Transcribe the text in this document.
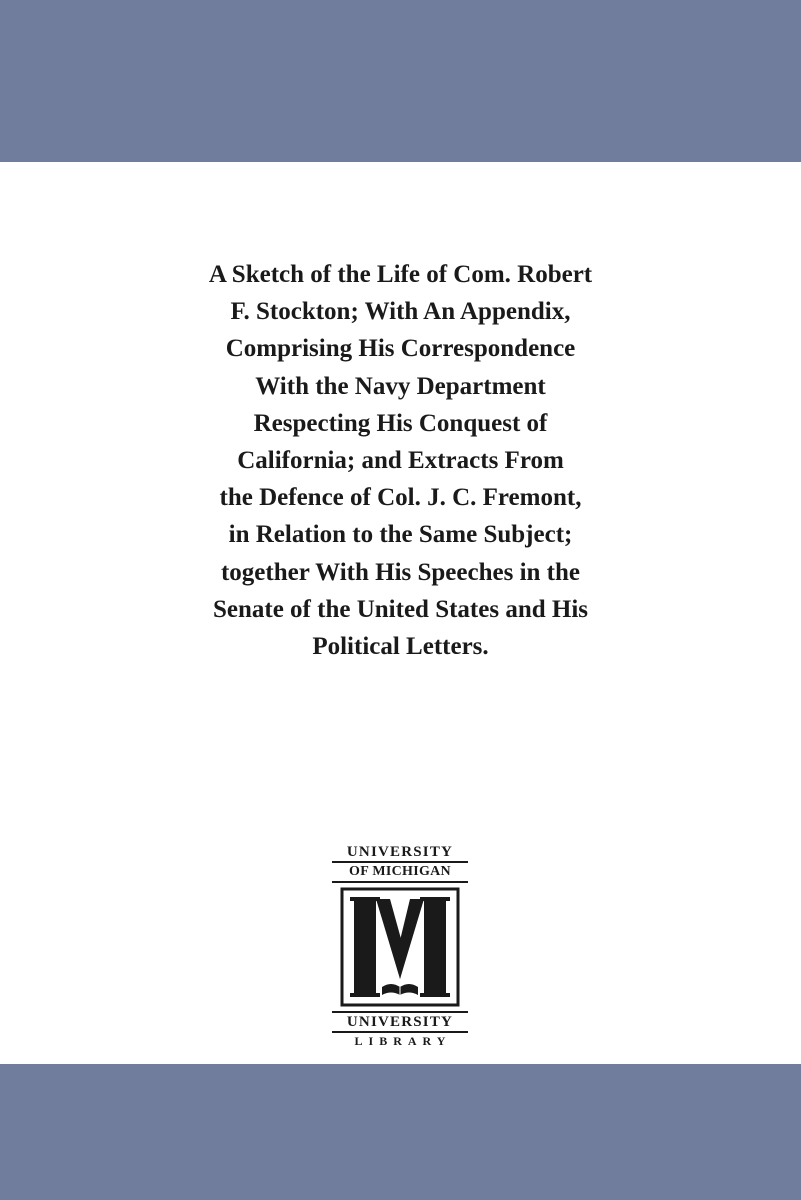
A Sketch of the Life of Com. Robert
F. Stockton; With An Appendix,
Comprising His Correspondence
With the Navy Department
Respecting His Conquest of
California; and Extracts From
the Defence of Col. J. C. Fremont,
in Relation to the Same Subject;
together With His Speeches in the
Senate of the United States and His
Political Letters.
UNIVERSITY
OF MICHIGAN
UNIVERSITY
LIBRARY
